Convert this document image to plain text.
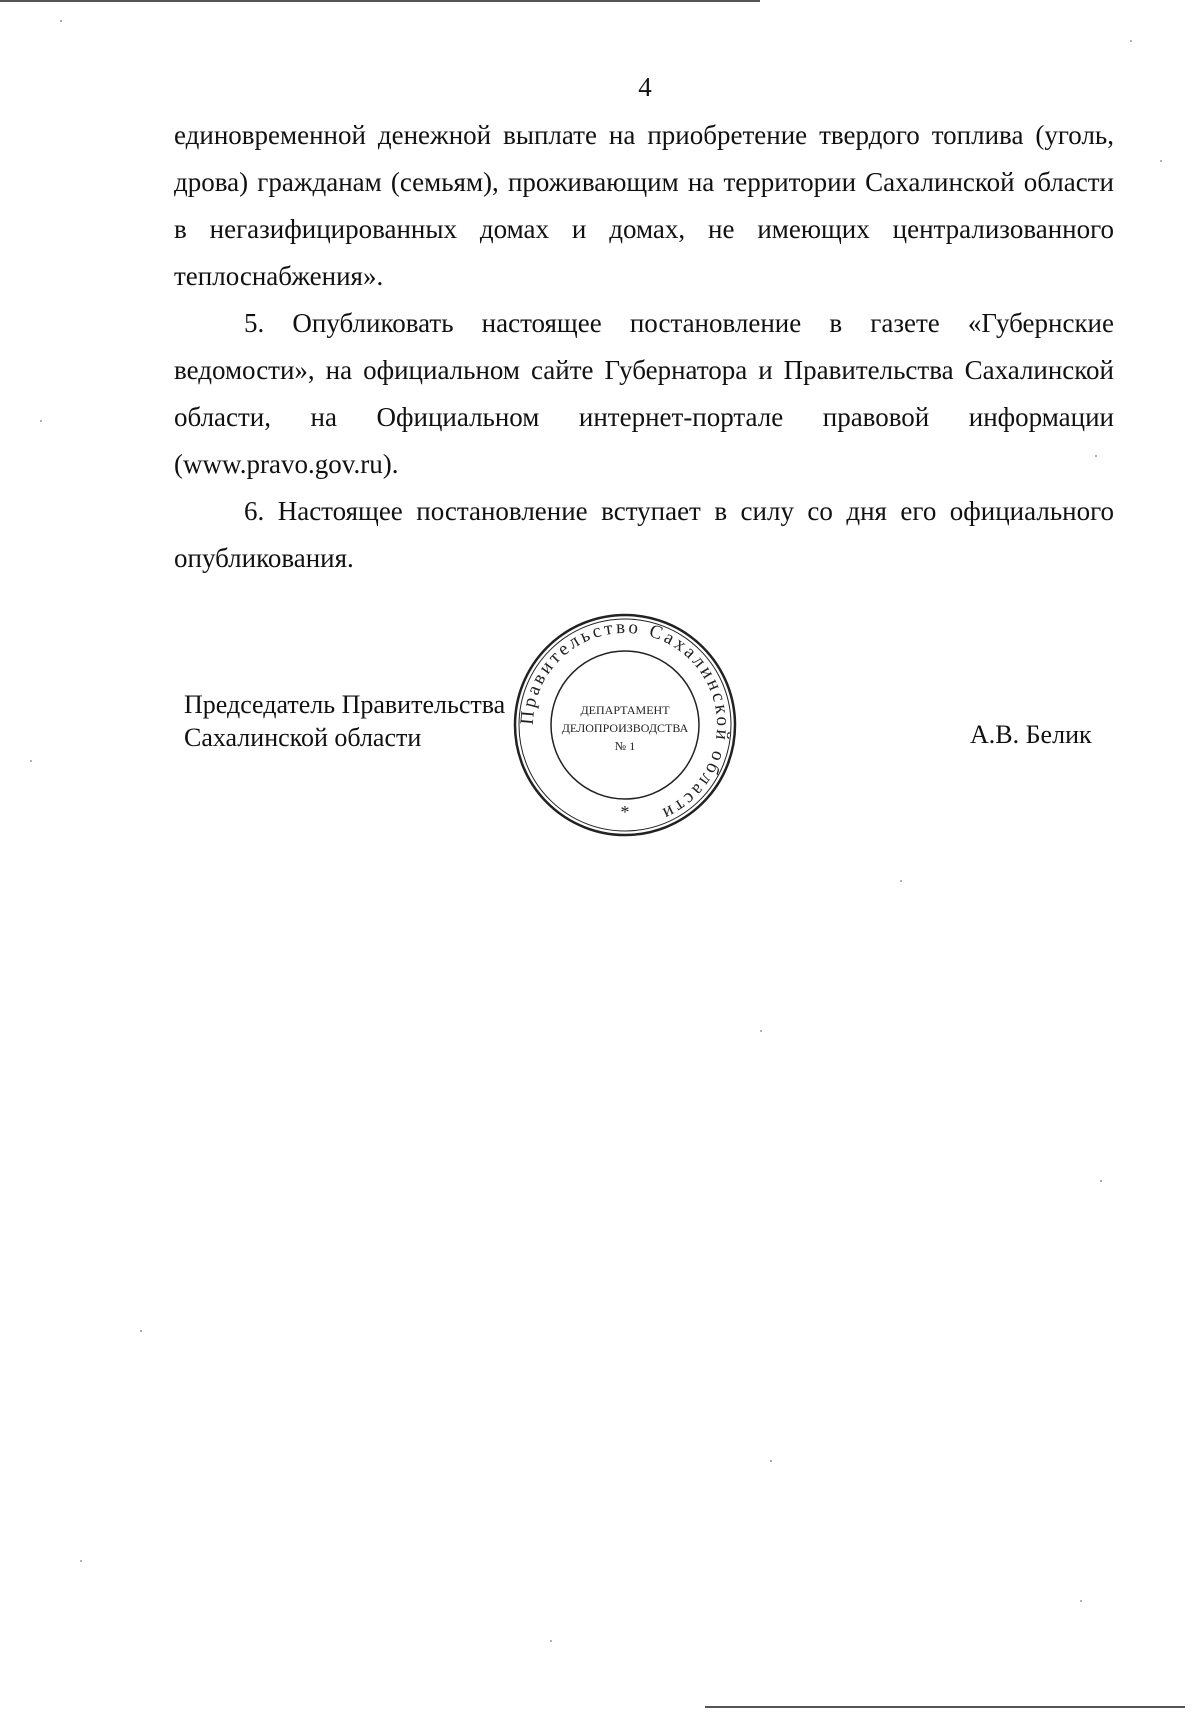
4

единовременной денежной выплате на приобретение твердого топлива (уголь, дрова) гражданам (семьям), проживающим на территории Сахалинской области в негазифицированных домах и домах, не имеющих централизованного теплоснабжения».

5. Опубликовать настоящее постановление в газете «Губернские ведомости», на официальном сайте Губернатора и Правительства Сахалинской области, на Официальном интернет-портале правовой информации (www.pravo.gov.ru).

6. Настоящее постановление вступает в силу со дня его официального опубликования.

Председатель Правительства
Сахалинской области	А.В. Белик
Правительство Сахалинской области
ДЕПАРТАМЕНТ
ДЕЛОПРОИЗВОДСТВА
№ 1
*
